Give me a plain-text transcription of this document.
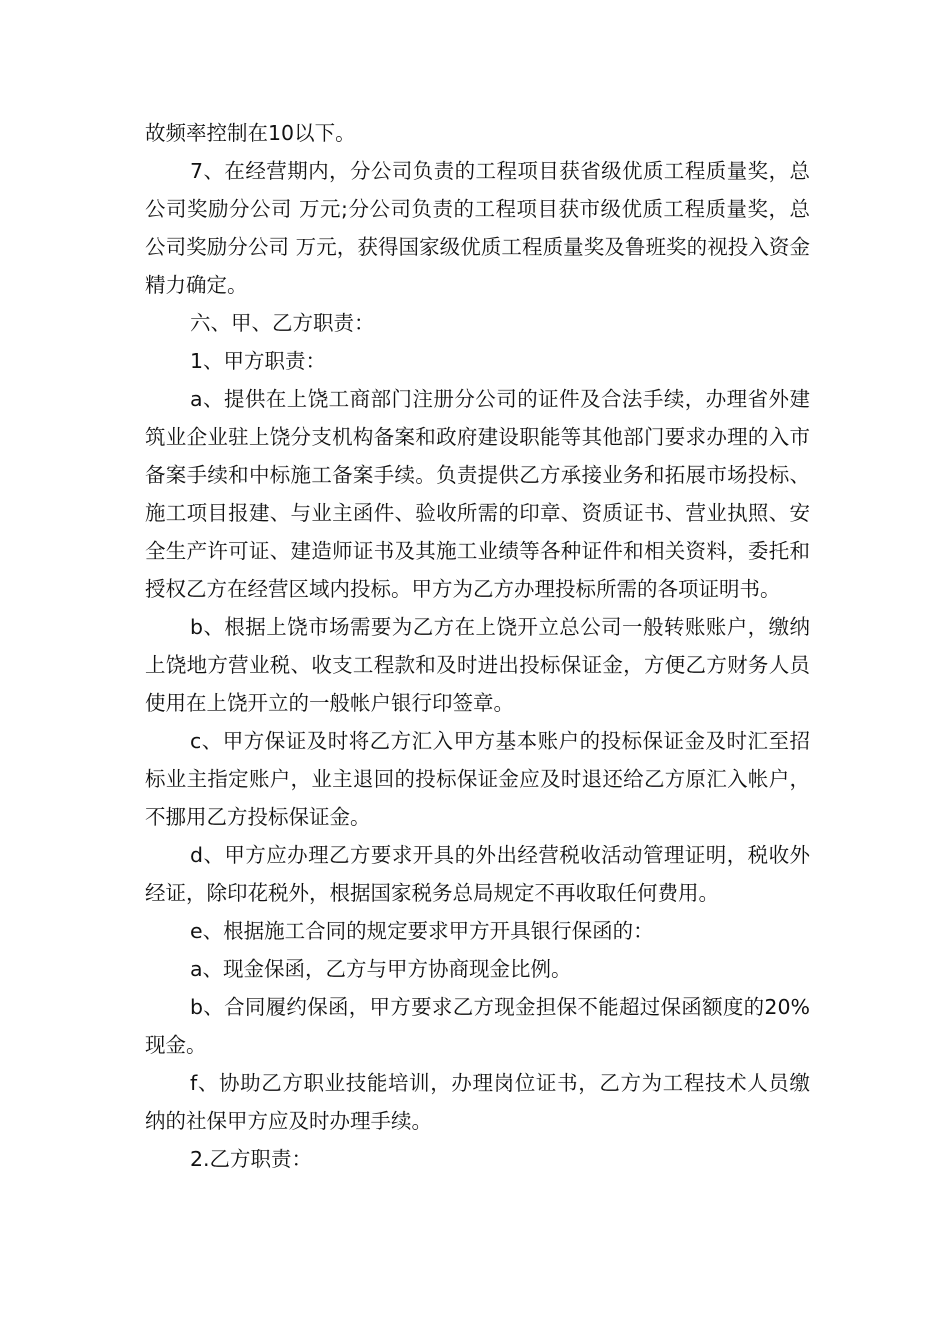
故频率控制在10以下。

7、在经营期内，分公司负责的工程项目获省级优质工程质量奖，总公司奖励分公司 万元;分公司负责的工程项目获市级优质工程质量奖，总公司奖励分公司 万元，获得国家级优质工程质量奖及鲁班奖的视投入资金精力确定。

六、甲、乙方职责：

1、甲方职责：

a、提供在上饶工商部门注册分公司的证件及合法手续，办理省外建筑业企业驻上饶分支机构备案和政府建设职能等其他部门要求办理的入市备案手续和中标施工备案手续。负责提供乙方承接业务和拓展市场投标、施工项目报建、与业主函件、验收所需的印章、资质证书、营业执照、安全生产许可证、建造师证书及其施工业绩等各种证件和相关资料，委托和授权乙方在经营区域内投标。甲方为乙方办理投标所需的各项证明书。

b、根据上饶市场需要为乙方在上饶开立总公司一般转账账户，缴纳上饶地方营业税、收支工程款和及时进出投标保证金，方便乙方财务人员使用在上饶开立的一般帐户银行印签章。

c、甲方保证及时将乙方汇入甲方基本账户的投标保证金及时汇至招标业主指定账户，业主退回的投标保证金应及时退还给乙方原汇入帐户，不挪用乙方投标保证金。

d、甲方应办理乙方要求开具的外出经营税收活动管理证明，税收外经证，除印花税外，根据国家税务总局规定不再收取任何费用。

e、根据施工合同的规定要求甲方开具银行保函的：

a、现金保函，乙方与甲方协商现金比例。

b、合同履约保函，甲方要求乙方现金担保不能超过保函额度的20%现金。

f、协助乙方职业技能培训，办理岗位证书，乙方为工程技术人员缴纳的社保甲方应及时办理手续。

2.乙方职责：
